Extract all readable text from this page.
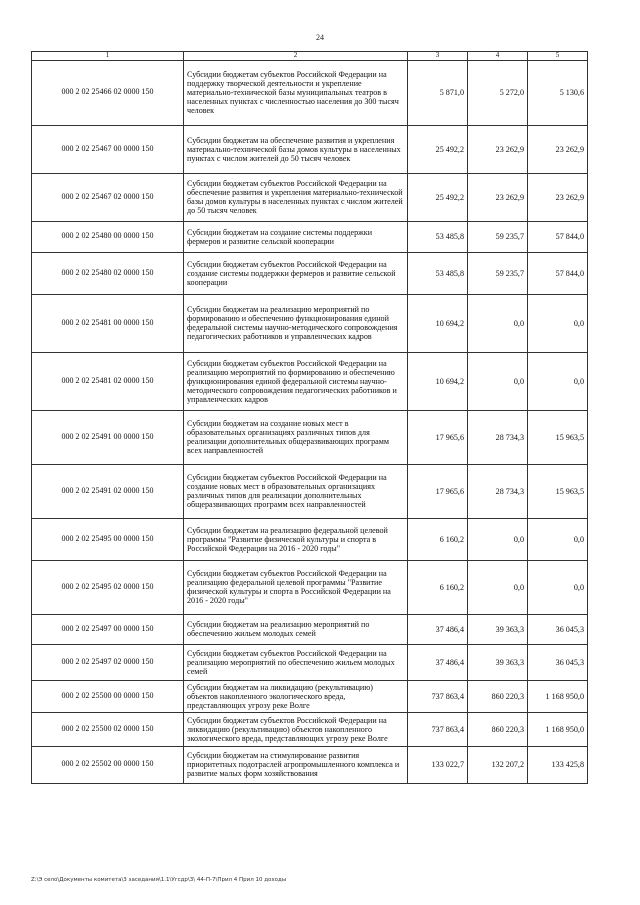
24
1	2	3	4	5
000 2 02 25466 02 0000 150	Субсидии бюджетам субъектов Российской Федерации на поддержку творческой деятельности и укрепление материально-технической базы муниципальных театров в населенных пунктах с численностью населения до 300 тысяч человек	5 871,0	5 272,0	5 130,6
000 2 02 25467 00 0000 150	Субсидии бюджетам на обеспечение развития и укрепления материально-технической базы домов культуры в населенных пунктах с числом жителей до 50 тысяч человек	25 492,2	23 262,9	23 262,9
000 2 02 25467 02 0000 150	Субсидии бюджетам субъектов Российской Федерации на обеспечение развития и укрепления материально-технической базы домов культуры в населенных пунктах с числом жителей до 50 тысяч человек	25 492,2	23 262,9	23 262,9
000 2 02 25480 00 0000 150	Субсидии бюджетам на создание системы поддержки фермеров и развитие сельской кооперации	53 485,8	59 235,7	57 844,0
000 2 02 25480 02 0000 150	Субсидии бюджетам субъектов Российской Федерации на создание системы поддержки фермеров и развитие сельской кооперации	53 485,8	59 235,7	57 844,0
000 2 02 25481 00 0000 150	Субсидии бюджетам на реализацию мероприятий по формированию и обеспечению функционирования единой федеральной системы научно-методического сопровождения педагогических работников и управленческих кадров	10 694,2	0,0	0,0
000 2 02 25481 02 0000 150	Субсидии бюджетам субъектов Российской Федерации на реализацию мероприятий по формированию и обеспечению функционирования единой федеральной системы научно-методического сопровождения педагогических работников и управленческих кадров	10 694,2	0,0	0,0
000 2 02 25491 00 0000 150	Субсидии бюджетам на создание новых мест в образовательных организациях различных типов для реализации дополнительных общеразвивающих программ всех направленностей	17 965,6	28 734,3	15 963,5
000 2 02 25491 02 0000 150	Субсидии бюджетам субъектов Российской Федерации на создание новых мест в образовательных организациях различных типов для реализации дополнительных общеразвивающих программ всех направленностей	17 965,6	28 734,3	15 963,5
000 2 02 25495 00 0000 150	Субсидии бюджетам на реализацию федеральной целевой программы "Развитие физической культуры и спорта в Российской Федерации на 2016 - 2020 годы"	6 160,2	0,0	0,0
000 2 02 25495 02 0000 150	Субсидии бюджетам субъектов Российской Федерации на реализацию федеральной целевой программы "Развитие физической культуры и спорта в Российской Федерации на 2016 - 2020 годы"	6 160,2	0,0	0,0
000 2 02 25497 00 0000 150	Субсидии бюджетам на реализацию мероприятий по обеспечению жильем молодых семей	37 486,4	39 363,3	36 045,3
000 2 02 25497 02 0000 150	Субсидии бюджетам субъектов Российской Федерации на реализацию мероприятий по обеспечению жильем молодых семей	37 486,4	39 363,3	36 045,3
000 2 02 25500 00 0000 150	Субсидии бюджетам на ликвидацию (рекультивацию) объектов накопленного экологического вреда, представляющих угрозу реке Волге	737 863,4	860 220,3	1 168 950,0
000 2 02 25500 02 0000 150	Субсидии бюджетам субъектов Российской Федерации на ликвидацию (рекультивацию) объектов накопленного экологического вреда, представляющих угрозу реке Волге	737 863,4	860 220,3	1 168 950,0
000 2 02 25502 00 0000 150	Субсидии бюджетам на стимулирование развития приоритетных подотраслей агропромышленного комплекса и развитие малых форм хозяйствования	133 022,7	132 207,2	133 425,8
Z:\Э село\Документы комитета\3 заседания\1.1\Угсдр\3\ 44-П-7\Прил 4 Прил 10 доходы
